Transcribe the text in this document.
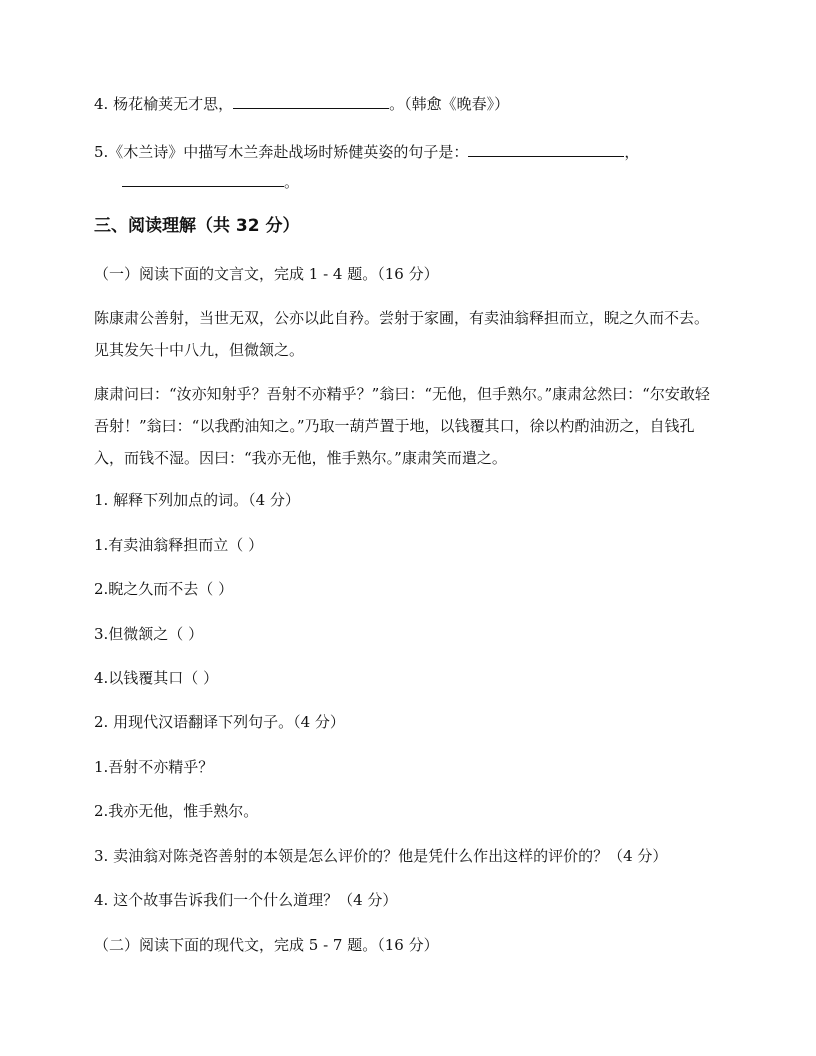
4. 杨花榆荚无才思，	。（韩愈《晚春》）
5.《木兰诗》中描写木兰奔赴战场时矫健英姿的句子是：	，
。
三、阅读理解（共 32 分）
（一）阅读下面的文言文，完成 1 - 4 题。（16 分）
陈康肃公善射，当世无双，公亦以此自矜。尝射于家圃，有卖油翁释担而立，睨之久而不去。见其发矢十中八九，但微颔之。
康肃问曰：“汝亦知射乎？吾射不亦精乎？”翁曰：“无他，但手熟尔。”康肃忿然曰：“尔安敢轻吾射！”翁曰：“以我酌油知之。”乃取一葫芦置于地，以钱覆其口，徐以杓酌油沥之，自钱孔入，而钱不湿。因曰：“我亦无他，惟手熟尔。”康肃笑而遣之。
1. 解释下列加点的词。（4 分）
1.有卖油翁释担而立（ ）
2.睨之久而不去（ ）
3.但微颔之（ ）
4.以钱覆其口（ ）
2. 用现代汉语翻译下列句子。（4 分）
1.吾射不亦精乎？
2.我亦无他，惟手熟尔。
3. 卖油翁对陈尧咨善射的本领是怎么评价的？他是凭什么作出这样的评价的？（4 分）
4. 这个故事告诉我们一个什么道理？（4 分）
（二）阅读下面的现代文，完成 5 - 7 题。（16 分）
